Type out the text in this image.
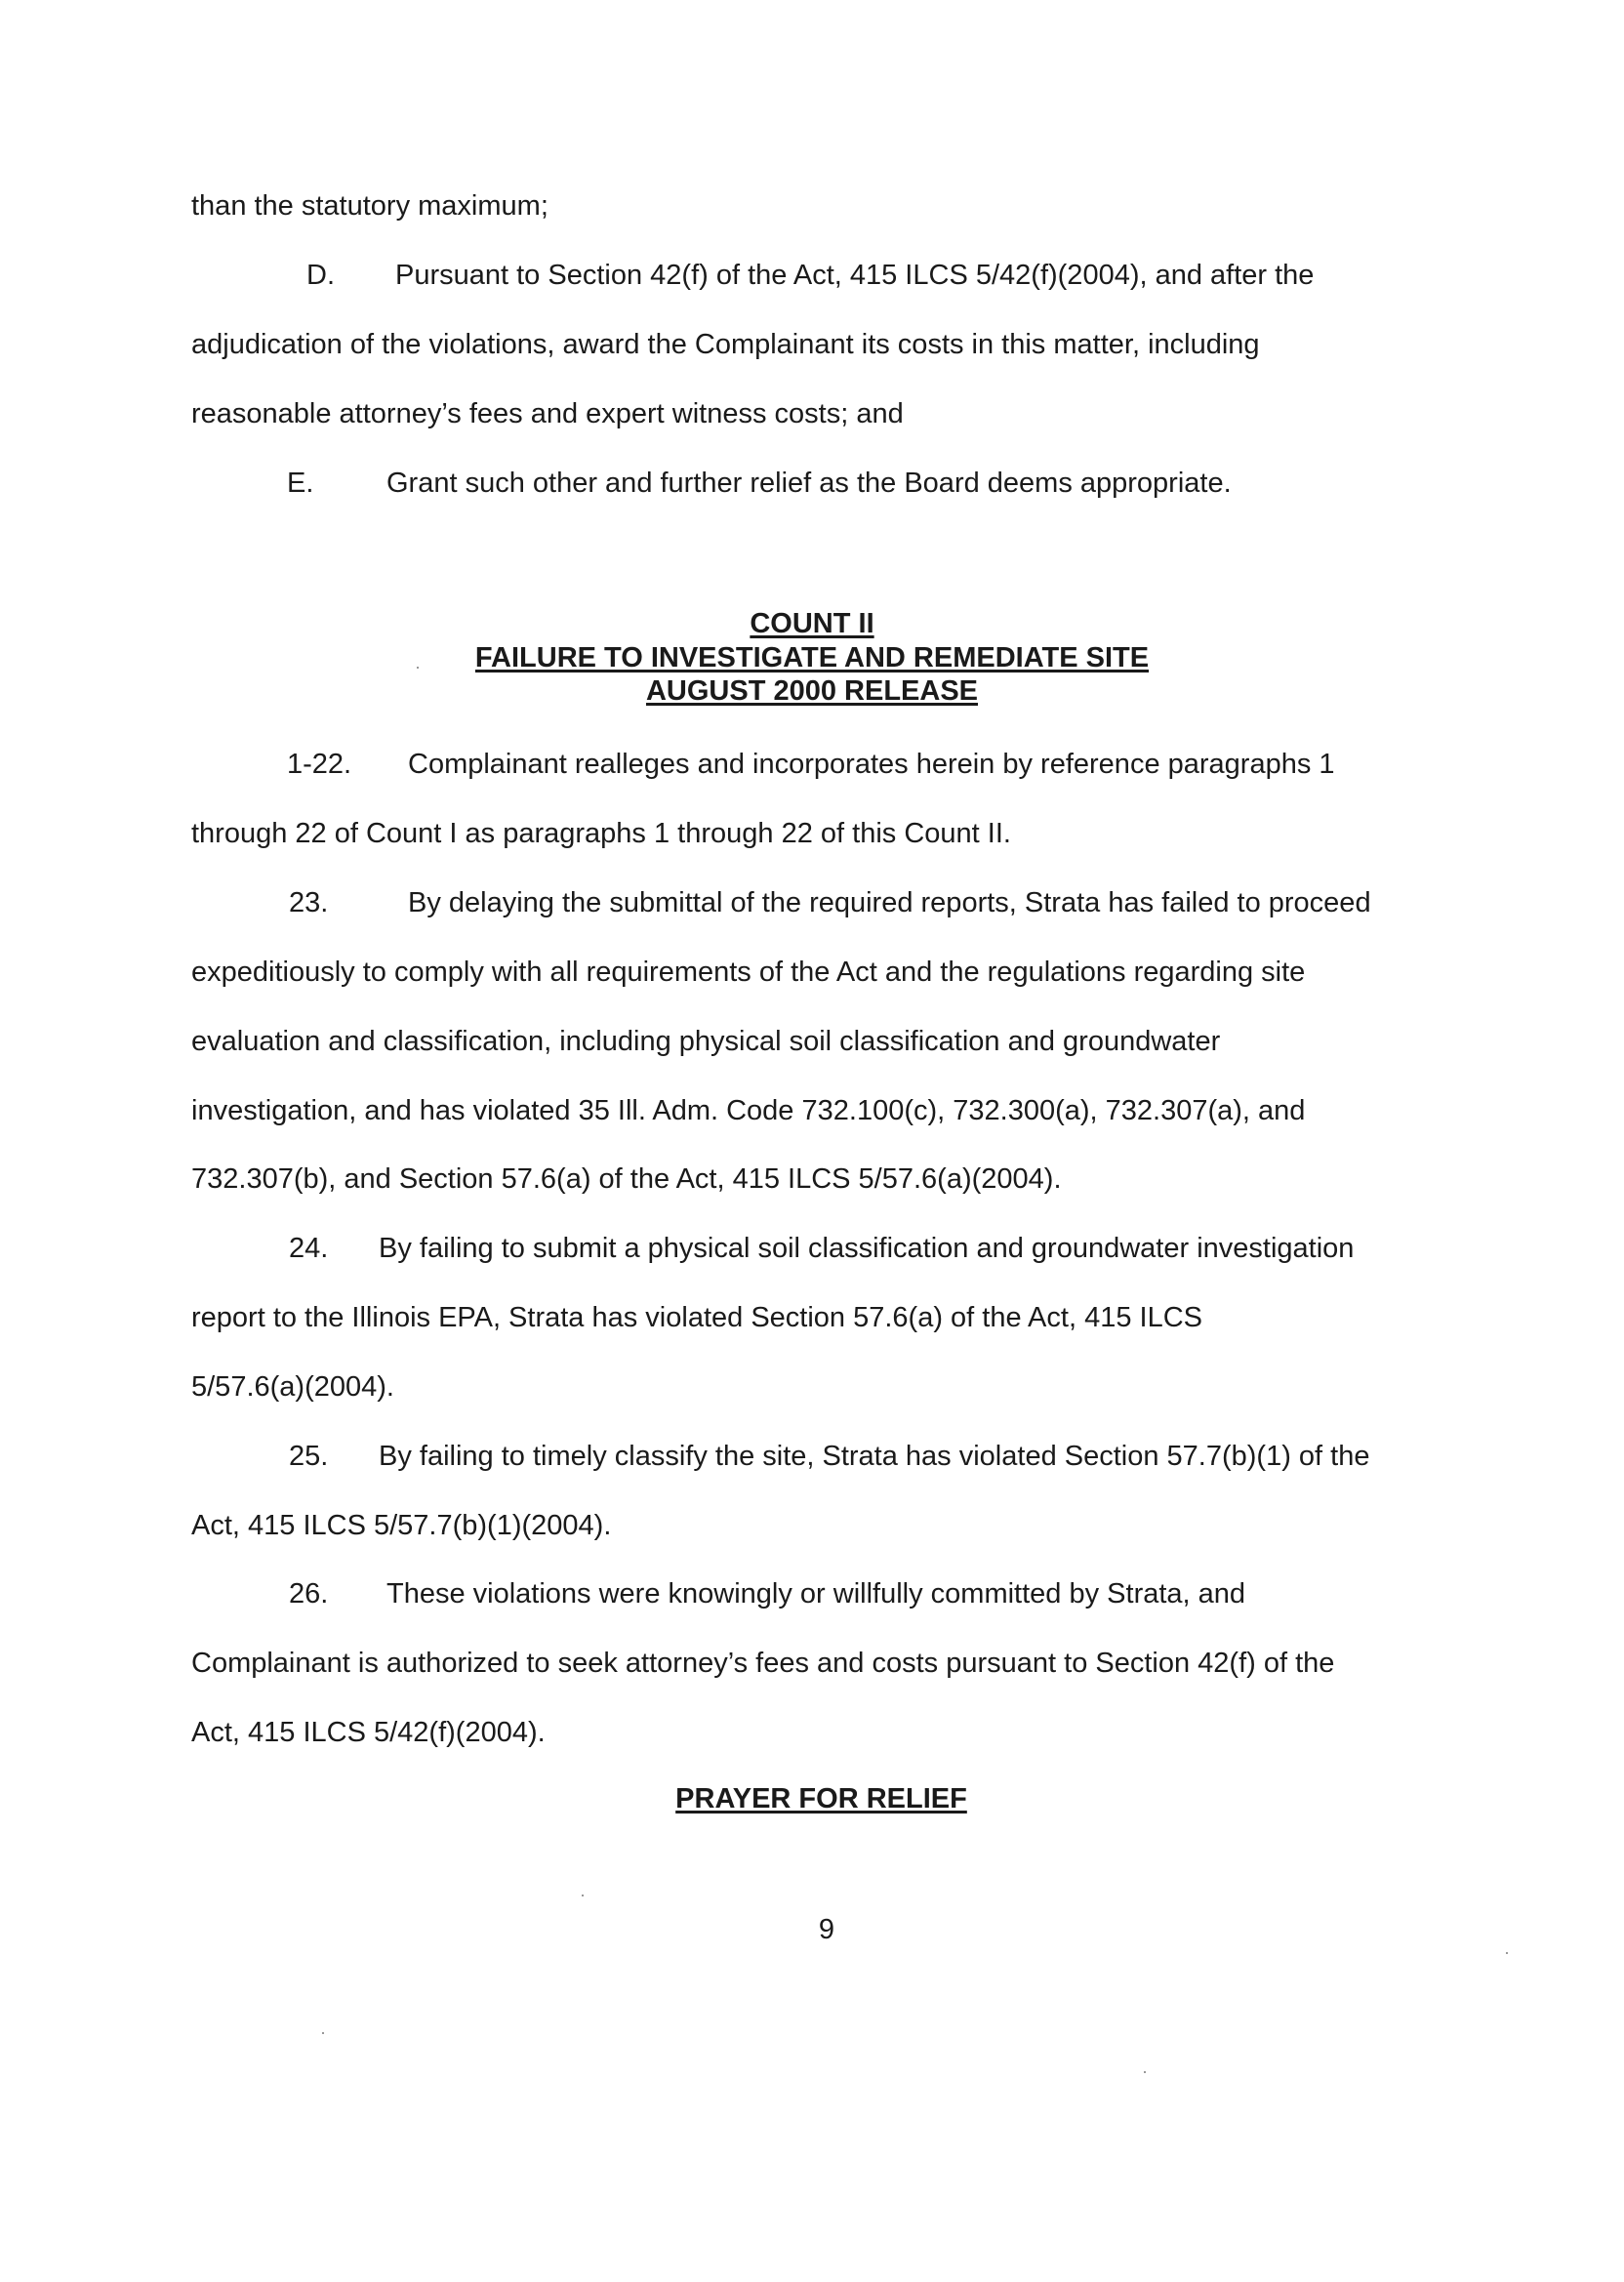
than the statutory maximum;
D. Pursuant to Section 42(f) of the Act, 415 ILCS 5/42(f)(2004), and after the
adjudication of the violations, award the Complainant its costs in this matter, including
reasonable attorney’s fees and expert witness costs; and
E.	Grant such other and further relief as the Board deems appropriate.
COUNT II
FAILURE TO INVESTIGATE AND REMEDIATE SITE
AUGUST 2000 RELEASE
1-22. Complainant realleges and incorporates herein by reference paragraphs 1
through 22 of Count I as paragraphs 1 through 22 of this Count II.
23.	By delaying the submittal of the required reports, Strata has failed to proceed
expeditiously to comply with all requirements of the Act and the regulations regarding site
evaluation and classification, including physical soil classification and groundwater
investigation, and has violated 35 Ill. Adm. Code 732.100(c), 732.300(a), 732.307(a), and
732.307(b), and Section 57.6(a) of the Act, 415 ILCS 5/57.6(a)(2004).
24. By failing to submit a physical soil classification and groundwater investigation
report to the Illinois EPA, Strata has violated Section 57.6(a) of the Act, 415 ILCS
5/57.6(a)(2004).
25. By failing to timely classify the site, Strata has violated Section 57.7(b)(1) of the
Act, 415 ILCS 5/57.7(b)(1)(2004).
26. These violations were knowingly or willfully committed by Strata, and
Complainant is authorized to seek attorney’s fees and costs pursuant to Section 42(f) of the
Act, 415 ILCS 5/42(f)(2004).
PRAYER FOR RELIEF
9
